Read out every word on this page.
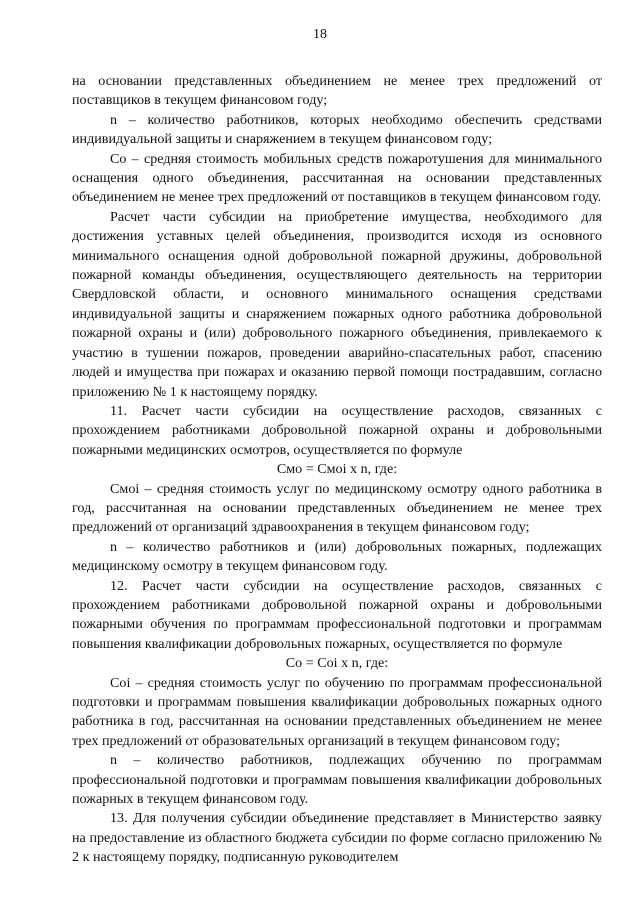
18

на основании представленных объединением не менее трех предложений от поставщиков в текущем финансовом году;

n – количество работников, которых необходимо обеспечить средствами индивидуальной защиты и снаряжением в текущем финансовом году;

Со – средняя стоимость мобильных средств пожаротушения для минимального оснащения одного объединения, рассчитанная на основании представленных объединением не менее трех предложений от поставщиков в текущем финансовом году.

Расчет части субсидии на приобретение имущества, необходимого для достижения уставных целей объединения, производится исходя из основного минимального оснащения одной добровольной пожарной дружины, добровольной пожарной команды объединения, осуществляющего деятельность на территории Свердловской области, и основного минимального оснащения средствами индивидуальной защиты и снаряжением пожарных одного работника добровольной пожарной охраны и (или) добровольного пожарного объединения, привлекаемого к участию в тушении пожаров, проведении аварийно-спасательных работ, спасению людей и имущества при пожарах и оказанию первой помощи пострадавшим, согласно приложению № 1 к настоящему порядку.

11. Расчет части субсидии на осуществление расходов, связанных с прохождением работниками добровольной пожарной охраны и добровольными пожарными медицинских осмотров, осуществляется по формуле

Смо = Смоi x n, где:

Смоi – средняя стоимость услуг по медицинскому осмотру одного работника в год, рассчитанная на основании представленных объединением не менее трех предложений от организаций здравоохранения в текущем финансовом году;

n – количество работников и (или) добровольных пожарных, подлежащих медицинскому осмотру в текущем финансовом году.

12. Расчет части субсидии на осуществление расходов, связанных с прохождением работниками добровольной пожарной охраны и добровольными пожарными обучения по программам профессиональной подготовки и программам повышения квалификации добровольных пожарных, осуществляется по формуле

Со = Соi x n, где:

Соi – средняя стоимость услуг по обучению по программам профессиональной подготовки и программам повышения квалификации добровольных пожарных одного работника в год, рассчитанная на основании представленных объединением не менее трех предложений от образовательных организаций в текущем финансовом году;

n – количество работников, подлежащих обучению по программам профессиональной подготовки и программам повышения квалификации добровольных пожарных в текущем финансовом году.

13. Для получения субсидии объединение представляет в Министерство заявку на предоставление из областного бюджета субсидии по форме согласно приложению № 2 к настоящему порядку, подписанную руководителем
